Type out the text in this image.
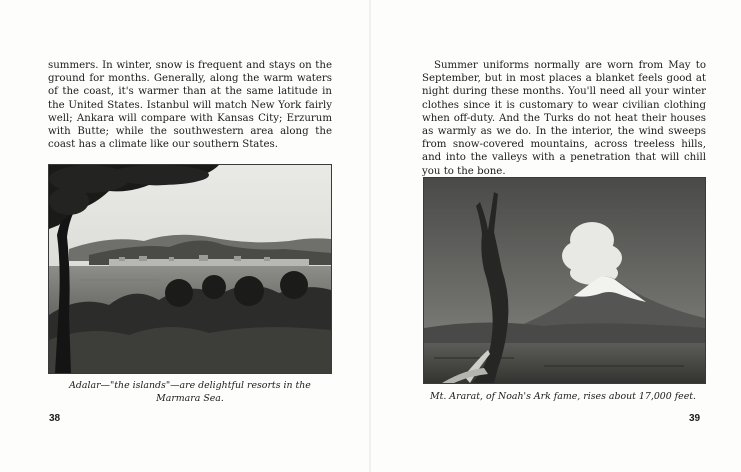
summers. In winter, snow is frequent and stays on the ground for months. Generally, along the warm waters of the coast, it's warmer than at the same latitude in the United States. Istanbul will match New York fairly well; Ankara will compare with Kansas City; Erzurum with Butte; while the southwestern area along the coast has a climate like our southern States.

Adalar—"the islands"—are delightful resorts in the Marmara Sea.

38

Summer uniforms normally are worn from May to September, but in most places a blanket feels good at night during these months. You'll need all your winter clothes since it is customary to wear civilian clothing when off-duty. And the Turks do not heat their houses as warmly as we do. In the interior, the wind sweeps from snow-covered mountains, across treeless hills, and into the valleys with a penetration that will chill you to the bone.

Mt. Ararat, of Noah's Ark fame, rises about 17,000 feet.

39
